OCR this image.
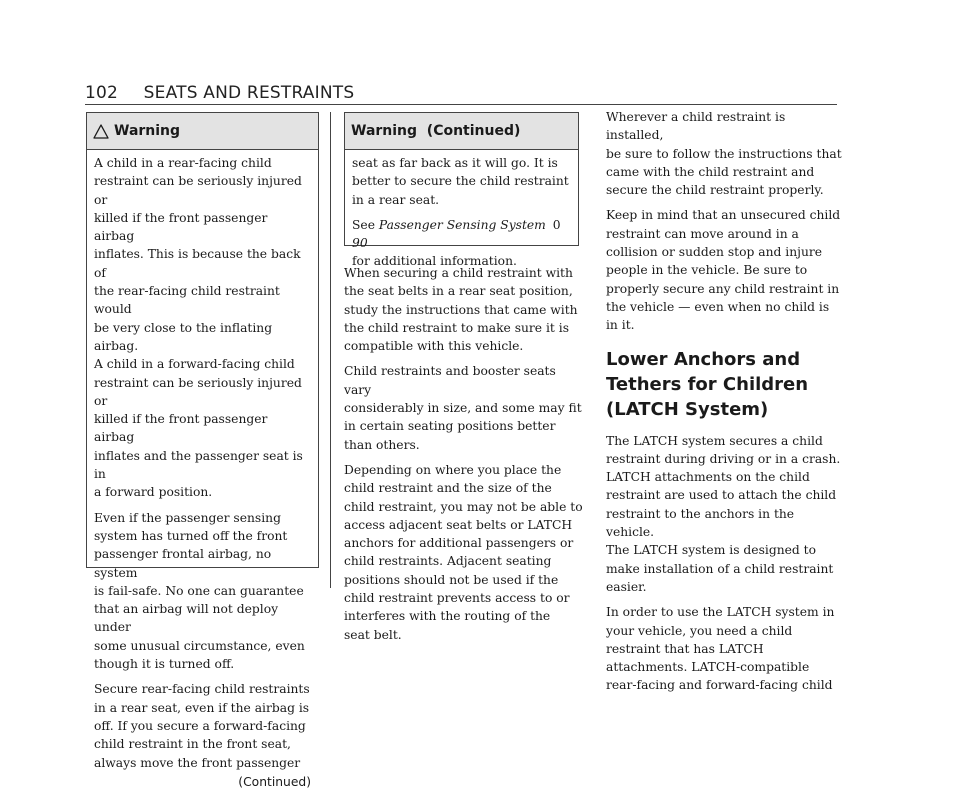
102 SEATS AND RESTRAINTS
Warning

A child in a rear-facing child
restraint can be seriously injured or
killed if the front passenger airbag
inflates. This is because the back of
the rear-facing child restraint would
be very close to the inflating airbag.
A child in a forward-facing child
restraint can be seriously injured or
killed if the front passenger airbag
inflates and the passenger seat is in
a forward position.

Even if the passenger sensing
system has turned off the front
passenger frontal airbag, no system
is fail-safe. No one can guarantee
that an airbag will not deploy under
some unusual circumstance, even
though it is turned off.

Secure rear-facing child restraints
in a rear seat, even if the airbag is
off. If you secure a forward-facing
child restraint in the front seat,
always move the front passenger

(Continued)
Warning  (Continued)

seat as far back as it will go. It is
better to secure the child restraint
in a rear seat.

See Passenger Sensing System 0 90
for additional information.

When securing a child restraint with
the seat belts in a rear seat position,
study the instructions that came with
the child restraint to make sure it is
compatible with this vehicle.

Child restraints and booster seats vary
considerably in size, and some may fit
in certain seating positions better
than others.

Depending on where you place the
child restraint and the size of the
child restraint, you may not be able to
access adjacent seat belts or LATCH
anchors for additional passengers or
child restraints. Adjacent seating
positions should not be used if the
child restraint prevents access to or
interferes with the routing of the
seat belt.

Wherever a child restraint is installed,
be sure to follow the instructions that
came with the child restraint and
secure the child restraint properly.

Keep in mind that an unsecured child
restraint can move around in a
collision or sudden stop and injure
people in the vehicle. Be sure to
properly secure any child restraint in
the vehicle — even when no child is
in it.

Lower Anchors and
Tethers for Children
(LATCH System)

The LATCH system secures a child
restraint during driving or in a crash.
LATCH attachments on the child
restraint are used to attach the child
restraint to the anchors in the vehicle.
The LATCH system is designed to
make installation of a child restraint
easier.

In order to use the LATCH system in
your vehicle, you need a child
restraint that has LATCH
attachments. LATCH-compatible
rear-facing and forward-facing child
